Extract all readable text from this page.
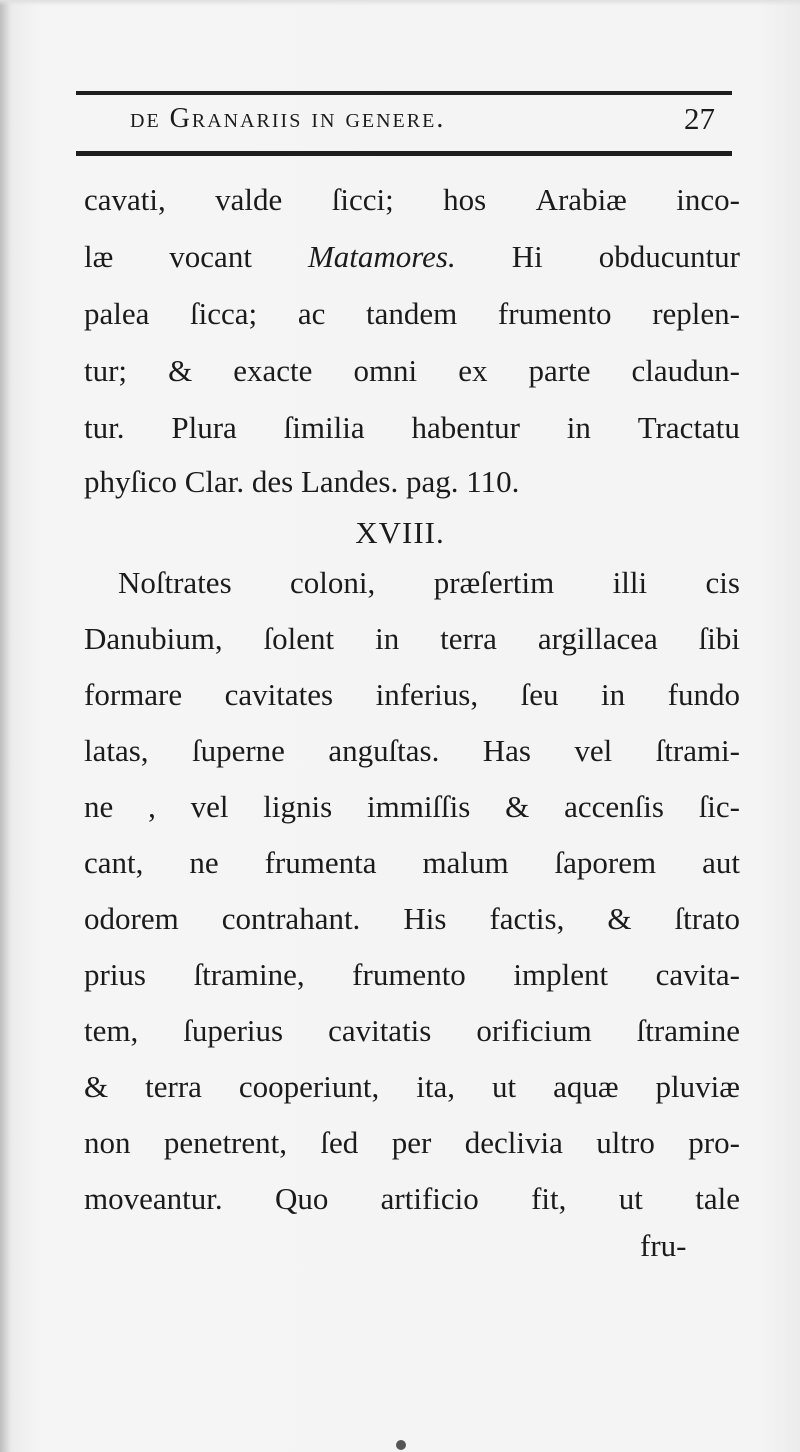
de Granariis in genere.	27
cavati, valde ſicci; hos Arabiæ inco-
læ vocant Matamores. Hi obducuntur
palea ſicca; ac tandem frumento replen-
tur; & exacte omni ex parte claudun-
tur. Plura ſimilia habentur in Tractatu
phyſico Clar. des Landes. pag. 110.
XVIII.
Noſtrates coloni, præſertim illi cis
Danubium, ſolent in terra argillacea ſibi
formare cavitates inferius, ſeu in fundo
latas, ſuperne anguſtas. Has vel ſtrami-
ne , vel lignis immiſſis & accenſis ſic-
cant, ne frumenta malum ſaporem aut
odorem contrahant. His factis, & ſtrato
prius ſtramine, frumento implent cavita-
tem, ſuperius cavitatis orificium ſtramine
& terra cooperiunt, ita, ut aquæ pluviæ
non penetrent, ſed per declivia ultro pro-
moveantur. Quo artificio fit, ut tale
fru-
